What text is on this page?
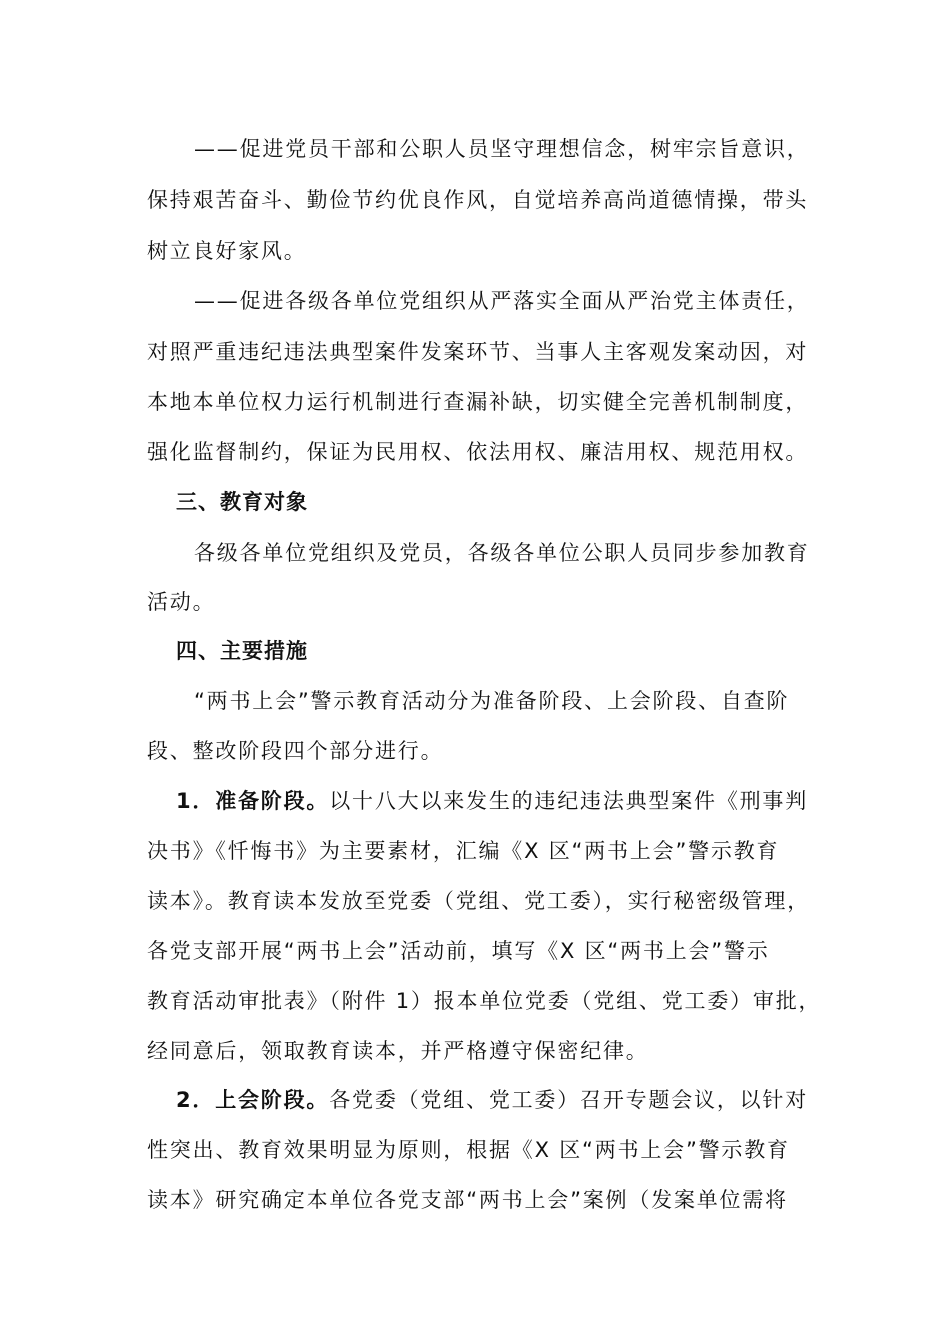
——促进党员干部和公职人员坚守理想信念，树牢宗旨意识，
保持艰苦奋斗、勤俭节约优良作风，自觉培养高尚道德情操，带头
树立良好家风。
——促进各级各单位党组织从严落实全面从严治党主体责任，
对照严重违纪违法典型案件发案环节、当事人主客观发案动因，对
本地本单位权力运行机制进行查漏补缺，切实健全完善机制制度，
强化监督制约，保证为民用权、依法用权、廉洁用权、规范用权。
三、教育对象
各级各单位党组织及党员，各级各单位公职人员同步参加教育
活动。
四、主要措施
“两书上会”警示教育活动分为准备阶段、上会阶段、自查阶
段、整改阶段四个部分进行。
1．准备阶段。以十八大以来发生的违纪违法典型案件《刑事判
决书》《忏悔书》为主要素材，汇编《X 区“两书上会”警示教育
读本》。教育读本发放至党委（党组、党工委），实行秘密级管理，
各党支部开展“两书上会”活动前，填写《X 区“两书上会”警示
教育活动审批表》（附件 1）报本单位党委（党组、党工委）审批，
经同意后，领取教育读本，并严格遵守保密纪律。
2．上会阶段。各党委（党组、党工委）召开专题会议，以针对
性突出、教育效果明显为原则，根据《X 区“两书上会”警示教育
读本》研究确定本单位各党支部“两书上会”案例（发案单位需将
